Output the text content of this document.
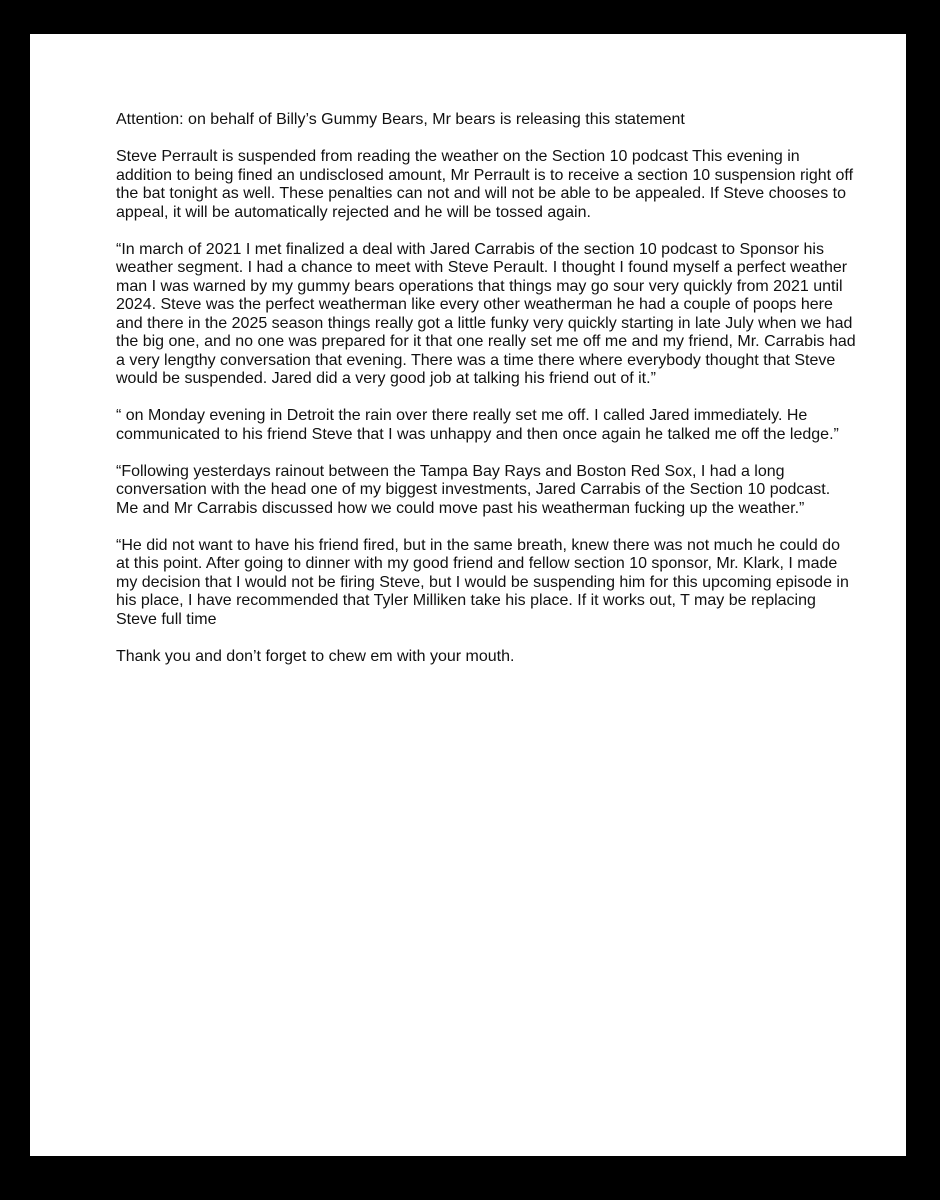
Attention: on behalf of Billy’s Gummy Bears, Mr bears is releasing this statement

Steve Perrault is suspended from reading the weather on the Section 10 podcast This evening in addition to being fined an undisclosed amount, Mr Perrault is to receive a section 10 suspension right off the bat tonight as well. These penalties can not and will not be able to be appealed. If Steve chooses to appeal, it will be automatically rejected and he will be tossed again.

“In march of 2021 I met finalized a deal with Jared Carrabis of the section 10 podcast to Sponsor his weather segment. I had a chance to meet with Steve Perault. I thought I found myself a perfect weather man I was warned by my gummy bears operations that things may go sour very quickly from 2021 until 2024. Steve was the perfect weatherman like every other weatherman he had a couple of poops here and there in the 2025 season things really got a little funky very quickly starting in late July when we had the big one, and no one was prepared for it that one really set me off me and my friend, Mr. Carrabis had a very lengthy conversation that evening. There was a time there where everybody thought that Steve would be suspended. Jared did a very good job at talking his friend out of it.”

“ on Monday evening in Detroit the rain over there really set me off. I called Jared immediately. He communicated to his friend Steve that I was unhappy and then once again he talked me off the ledge.”

“Following yesterdays rainout between the Tampa Bay Rays and Boston Red Sox, I had a long conversation with the head one of my biggest investments, Jared Carrabis of the Section 10 podcast. Me and Mr Carrabis discussed how we could move past his weatherman fucking up the weather.”

“He did not want to have his friend fired, but in the same breath, knew there was not much he could do at this point. After going to dinner with my good friend and fellow section 10 sponsor, Mr. Klark, I made my decision that I would not be firing Steve, but I would be suspending him for this upcoming episode in his place, I have recommended that Tyler Milliken take his place. If it works out, T may be replacing Steve full time

Thank you and don’t forget to chew em with your mouth.
